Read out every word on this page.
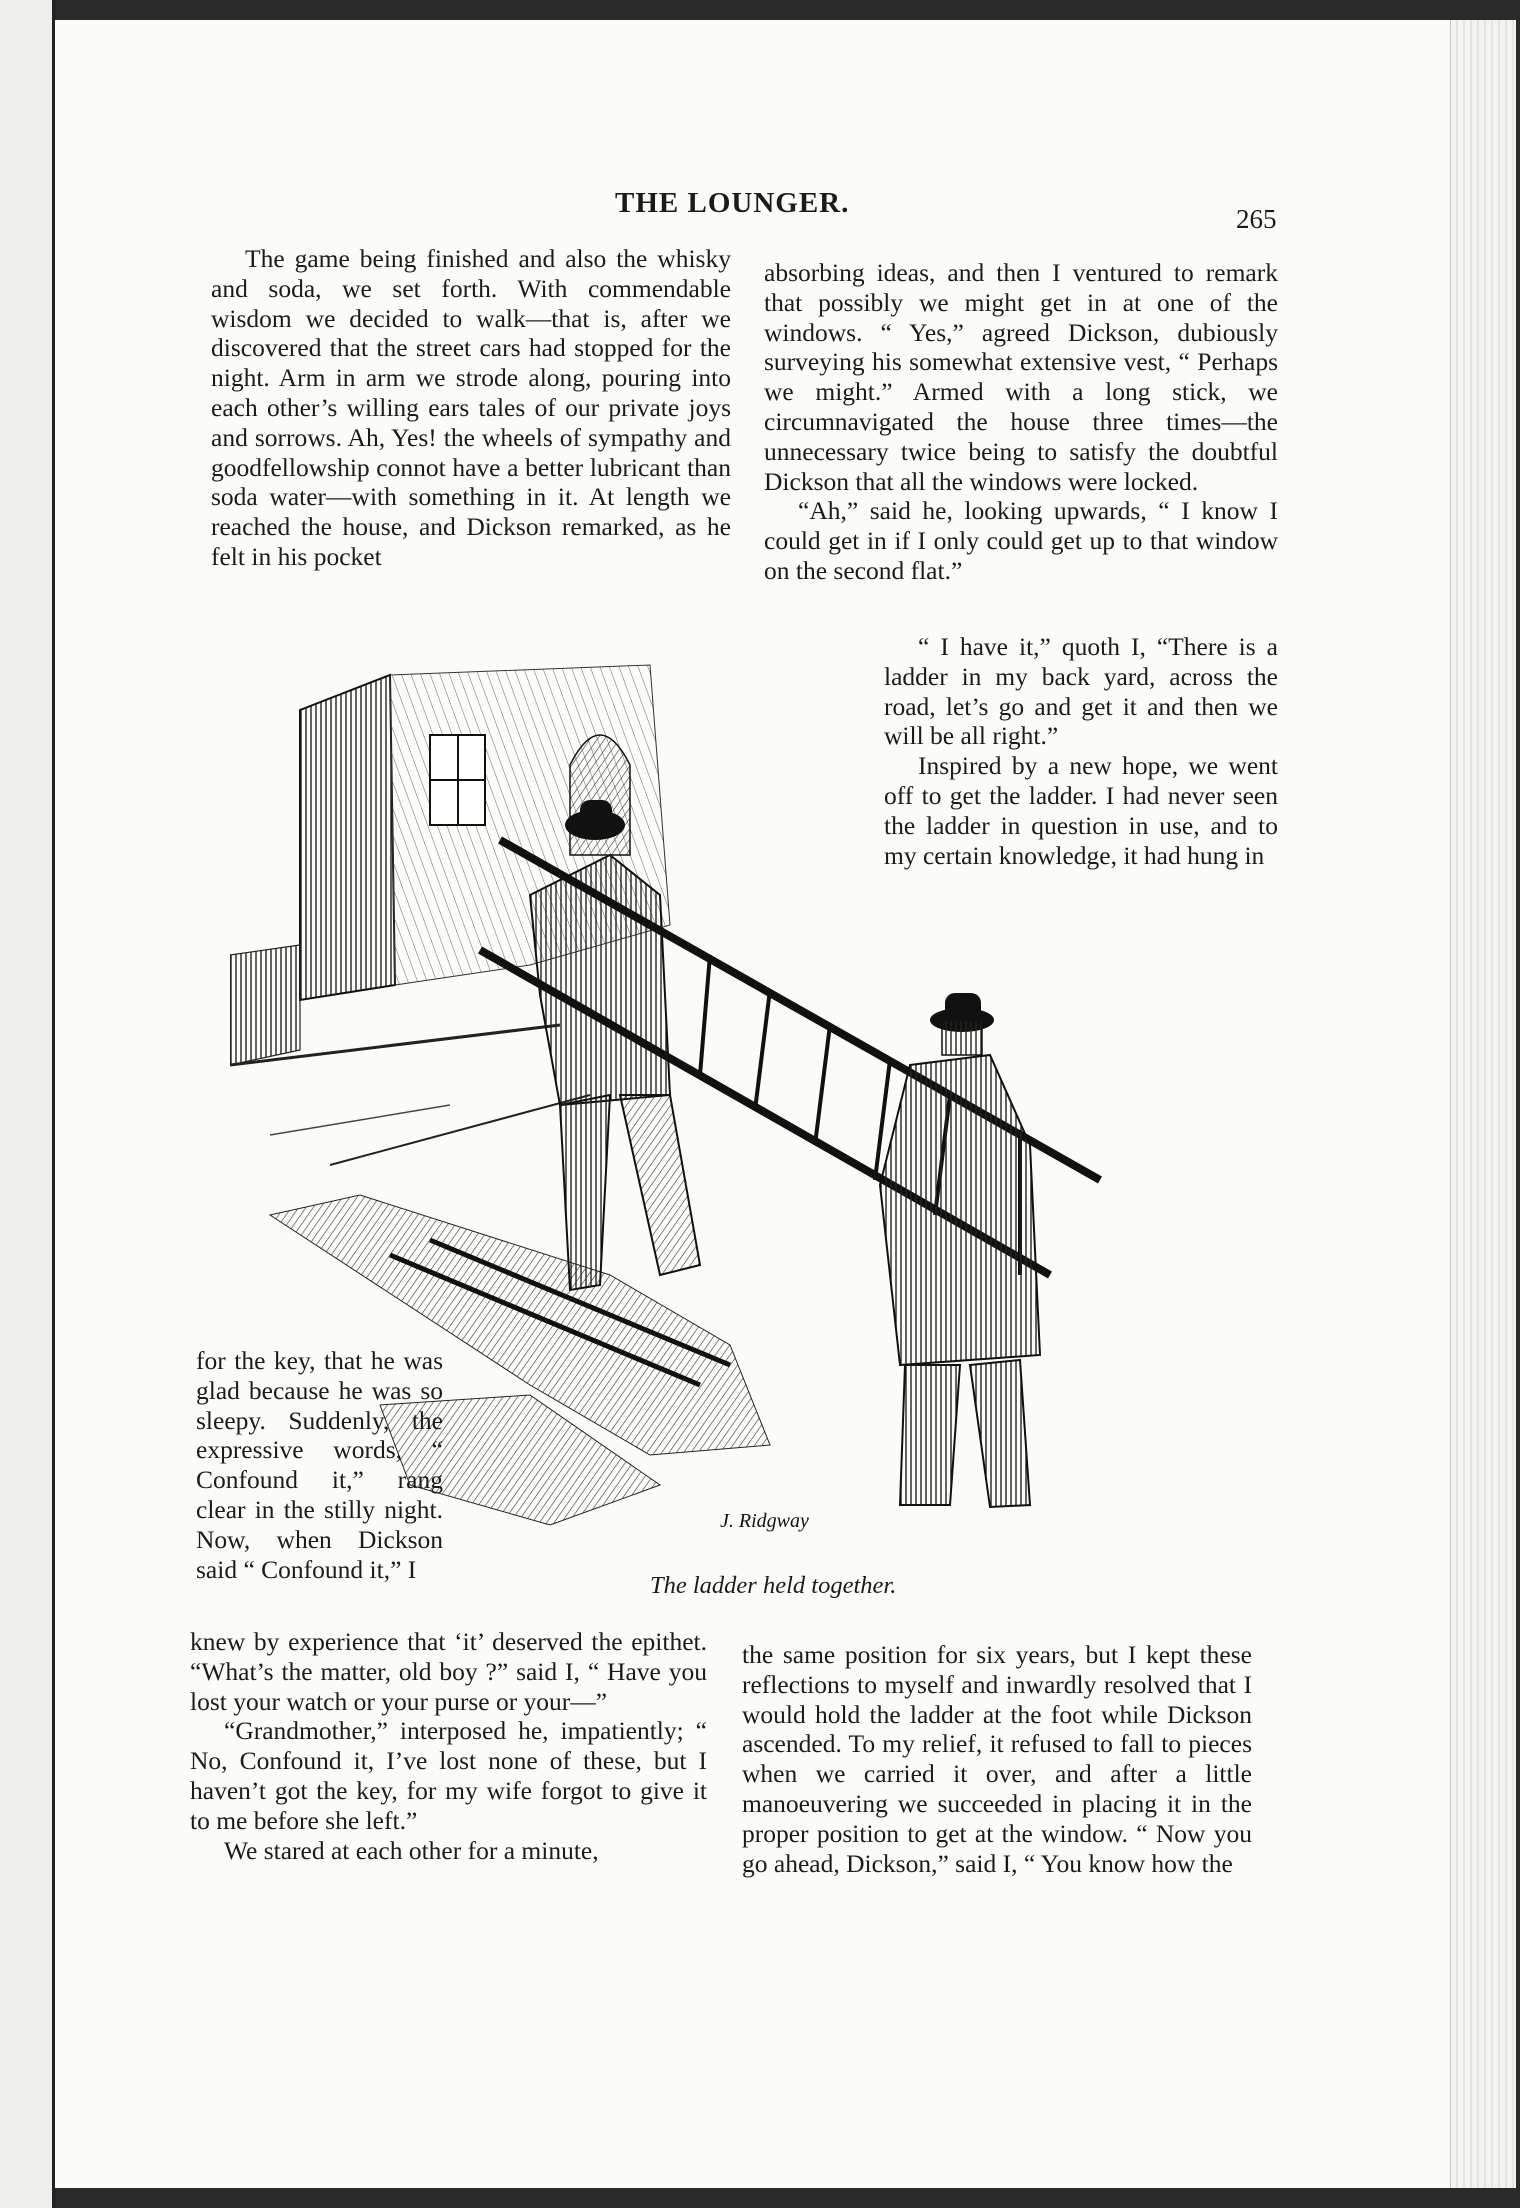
THE LOUNGER.	265

The game being finished and also the whisky and soda, we set forth. With commendable wisdom we decided to walk—that is, after we discovered that the street cars had stopped for the night. Arm in arm we strode along, pouring into each other’s willing ears tales of our private joys and sorrows. Ah, Yes! the wheels of sympathy and goodfellowship connot have a better lubricant than soda water—with something in it. At length we reached the house, and Dickson remarked, as he felt in his pocket

absorbing ideas, and then I ventured to remark that possibly we might get in at one of the windows. “ Yes,” agreed Dickson, dubiously surveying his somewhat extensive vest, “ Perhaps we might.” Armed with a long stick, we circumnavigated the house three times—the unnecessary twice being to satisfy the doubtful Dickson that all the windows were locked.

“Ah,” said he, looking upwards, “ I know I could get in if I only could get up to that window on the second flat.”

“ I have it,” quoth I, “There is a ladder in my back yard, across the road, let’s go and get it and then we will be all right.”

Inspired by a new hope, we went off to get the ladder. I had never seen the ladder in question in use, and to my certain knowledge, it had hung in

J. Ridgway
The ladder held together.

for the key, that he was glad because he was so sleepy. Suddenly, the expressive words, “ Confound it,” rang clear in the stilly night. Now, when Dickson said “ Confound it,” I

knew by experience that ‘it’ deserved the epithet. “What’s the matter, old boy ?” said I, “ Have you lost your watch or your purse or your—”

“Grandmother,” interposed he, impatiently; “ No, Confound it, I’ve lost none of these, but I haven’t got the key, for my wife forgot to give it to me before she left.”

We stared at each other for a minute,

the same position for six years, but I kept these reflections to myself and inwardly resolved that I would hold the ladder at the foot while Dickson ascended. To my relief, it refused to fall to pieces when we carried it over, and after a little manoeuvering we succeeded in placing it in the proper position to get at the window. “ Now you go ahead, Dickson,” said I, “ You know how the
